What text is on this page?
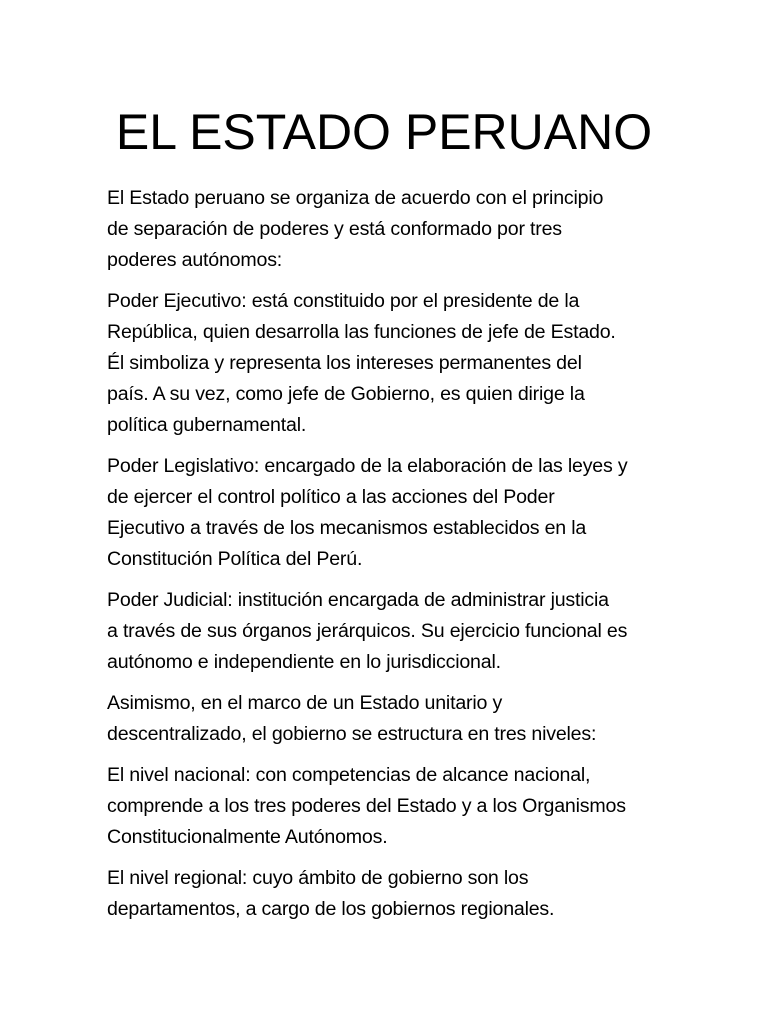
EL ESTADO PERUANO

El Estado peruano se organiza de acuerdo con el principio
de separación de poderes y está conformado por tres
poderes autónomos:

Poder Ejecutivo: está constituido por el presidente de la
República, quien desarrolla las funciones de jefe de Estado.
Él simboliza y representa los intereses permanentes del
país. A su vez, como jefe de Gobierno, es quien dirige la
política gubernamental.

Poder Legislativo: encargado de la elaboración de las leyes y
de ejercer el control político a las acciones del Poder
Ejecutivo a través de los mecanismos establecidos en la
Constitución Política del Perú.

Poder Judicial: institución encargada de administrar justicia
a través de sus órganos jerárquicos. Su ejercicio funcional es
autónomo e independiente en lo jurisdiccional.

Asimismo, en el marco de un Estado unitario y
descentralizado, el gobierno se estructura en tres niveles:

El nivel nacional: con competencias de alcance nacional,
comprende a los tres poderes del Estado y a los Organismos
Constitucionalmente Autónomos.

El nivel regional: cuyo ámbito de gobierno son los
departamentos, a cargo de los gobiernos regionales.
